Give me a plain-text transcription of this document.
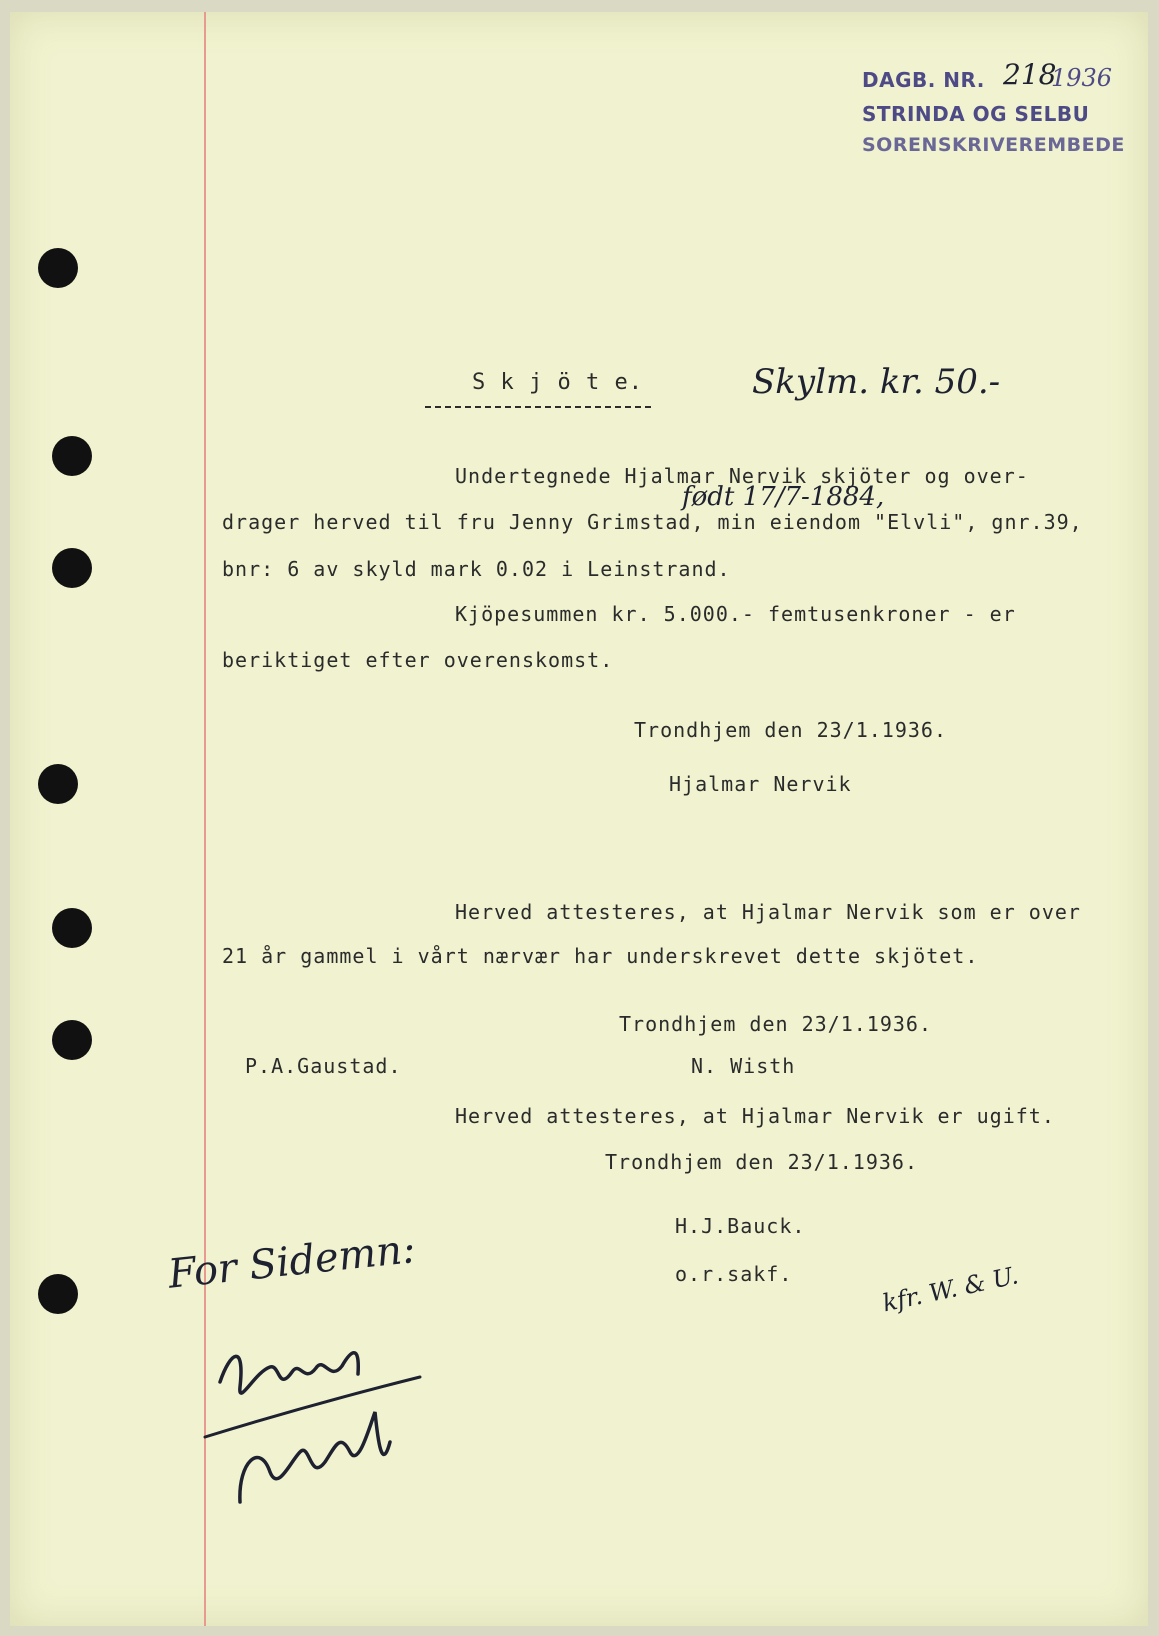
DAGB. NR. 218
1936
STRINDA OG SELBU
SORENSKRIVEREMBEDE
S k j ö t e.	Skylm. kr. 50.-
Undertegnede Hjalmar Nervik skjöter og over-
født 17/7-1884,
drager herved til fru Jenny Grimstad, min eiendom "Elvli", gnr.39,
bnr: 6 av skyld mark 0.02 i Leinstrand.
Kjöpesummen kr. 5.000.- femtusenkroner - er
beriktiget efter overenskomst.
Trondhjem den 23/1.1936.
Hjalmar Nervik
Herved attesteres, at Hjalmar Nervik som er over
21 år gammel i vårt nærvær har underskrevet dette skjötet.
Trondhjem den 23/1.1936.
P.A.Gaustad.	N. Wisth
Herved attesteres, at Hjalmar Nervik er ugift.
Trondhjem den 23/1.1936.
H.J.Bauck.
o.r.sakf.	kfr. W. & U.
For Sidemn:
